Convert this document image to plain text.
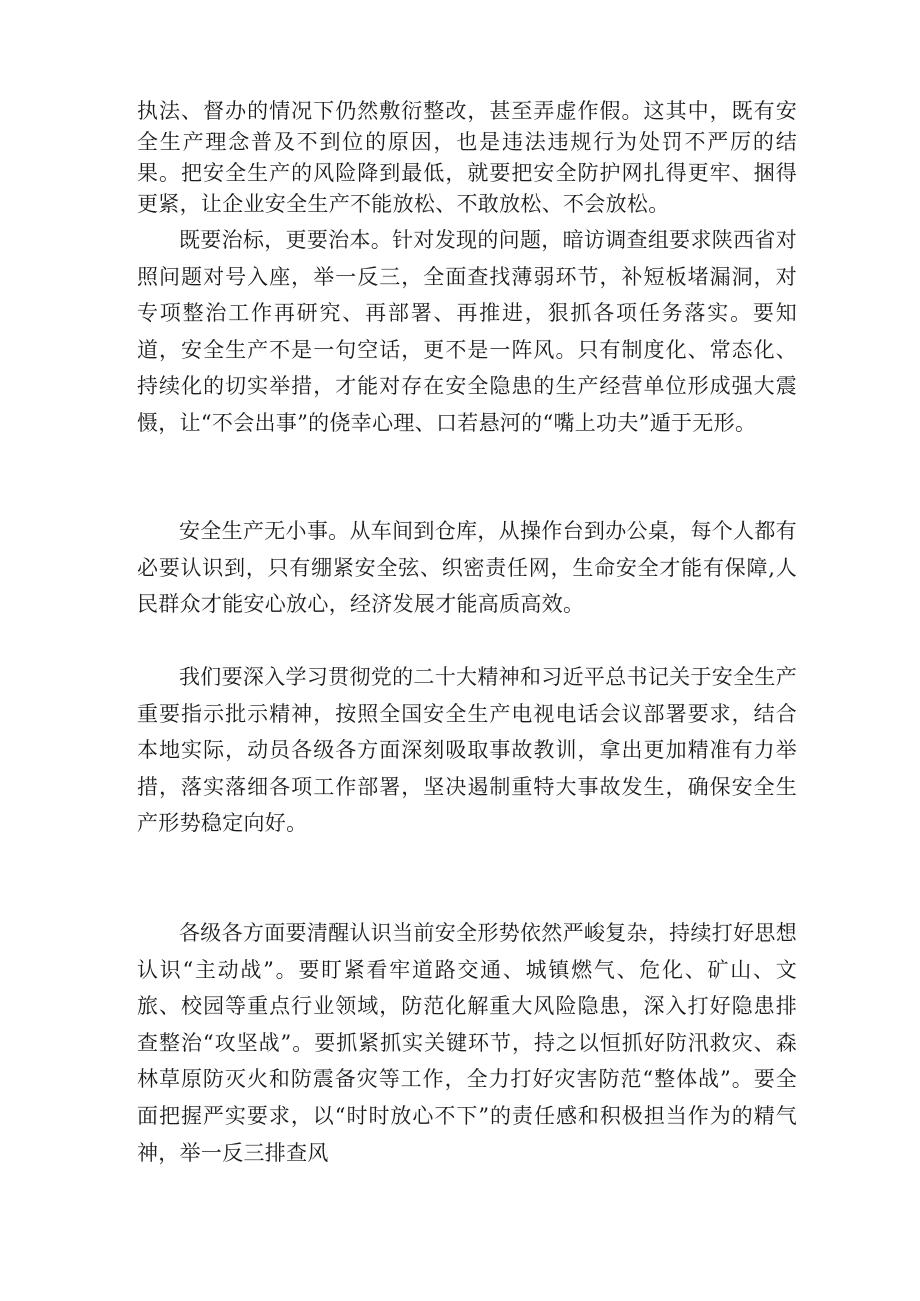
执法、督办的情况下仍然敷衍整改，甚至弄虚作假。这其中，既有安全生产理念普及不到位的原因，也是违法违规行为处罚不严厉的结果。把安全生产的风险降到最低，就要把安全防护网扎得更牢、捆得更紧，让企业安全生产不能放松、不敢放松、不会放松。

既要治标，更要治本。针对发现的问题，暗访调查组要求陕西省对照问题对号入座，举一反三，全面查找薄弱环节，补短板堵漏洞，对专项整治工作再研究、再部署、再推进，狠抓各项任务落实。要知道，安全生产不是一句空话，更不是一阵风。只有制度化、常态化、持续化的切实举措，才能对存在安全隐患的生产经营单位形成强大震慑，让“不会出事”的侥幸心理、口若悬河的“嘴上功夫”遁于无形。

安全生产无小事。从车间到仓库，从操作台到办公桌，每个人都有必要认识到，只有绷紧安全弦、织密责任网，生命安全才能有保障,人民群众才能安心放心，经济发展才能高质高效。

我们要深入学习贯彻党的二十大精神和习近平总书记关于安全生产重要指示批示精神，按照全国安全生产电视电话会议部署要求，结合本地实际，动员各级各方面深刻吸取事故教训，拿出更加精准有力举措，落实落细各项工作部署，坚决遏制重特大事故发生，确保安全生产形势稳定向好。

各级各方面要清醒认识当前安全形势依然严峻复杂，持续打好思想认识“主动战”。要盯紧看牢道路交通、城镇燃气、危化、矿山、文旅、校园等重点行业领域，防范化解重大风险隐患，深入打好隐患排查整治“攻坚战”。要抓紧抓实关键环节，持之以恒抓好防汛救灾、森林草原防灭火和防震备灾等工作，全力打好灾害防范“整体战”。要全面把握严实要求，以“时时放心不下”的责任感和积极担当作为的精气神，举一反三排查风
